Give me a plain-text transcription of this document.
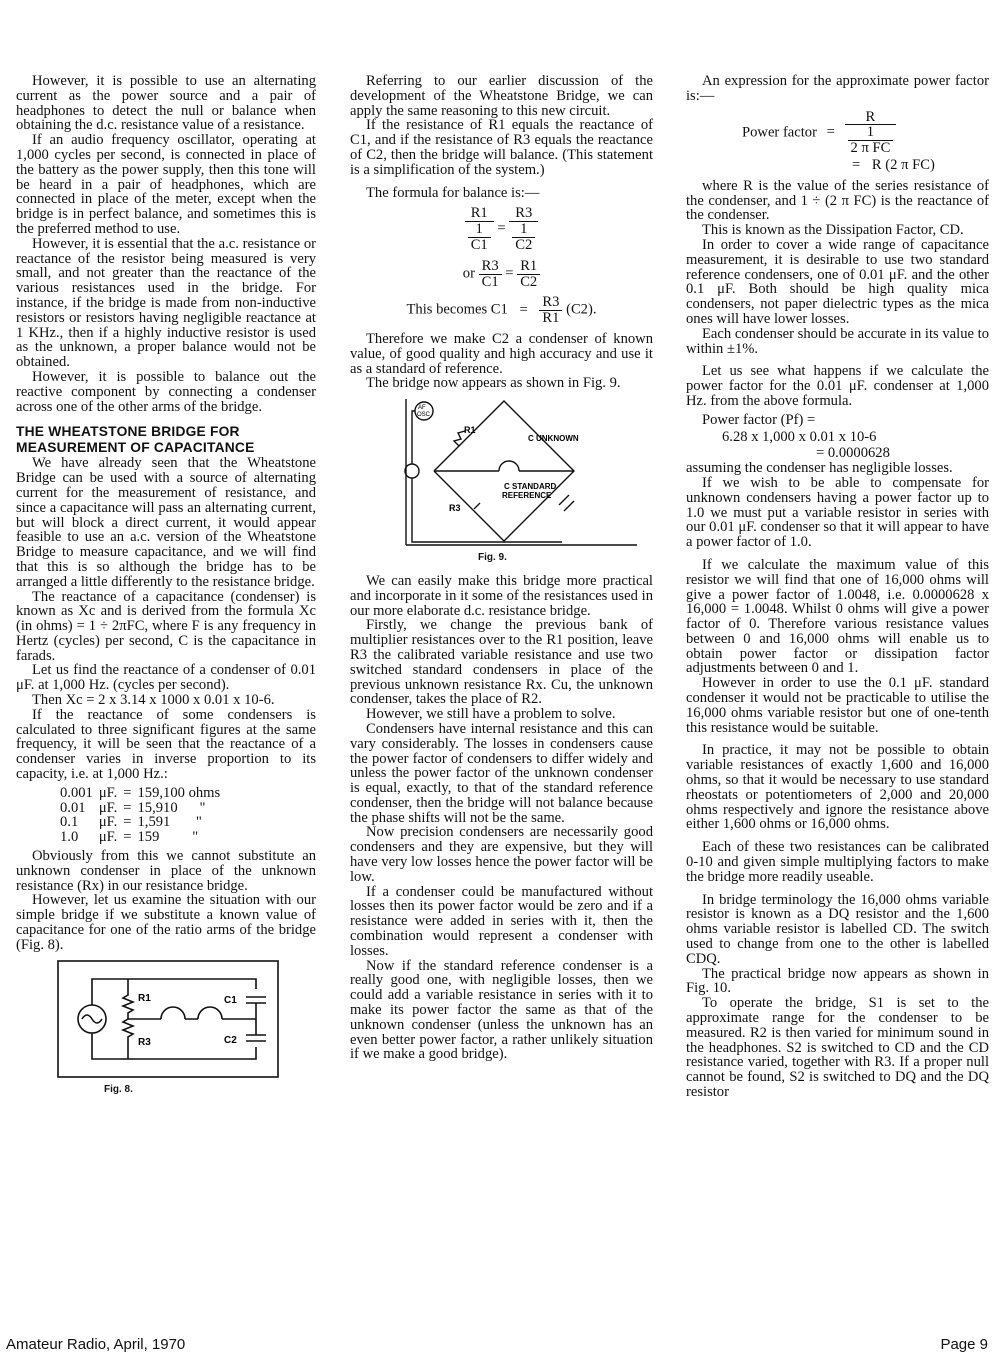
However, it is possible to use an alternating current as the power source and a pair of headphones to detect the null or balance when obtaining the d.c. resistance value of a resistance.

If an audio frequency oscillator, operating at 1,000 cycles per second, is connected in place of the battery as the power supply, then this tone will be heard in a pair of headphones, which are connected in place of the meter, except when the bridge is in perfect balance, and sometimes this is the preferred method to use.

However, it is essential that the a.c. resistance or reactance of the resistor being measured is very small, and not greater than the reactance of the various resistances used in the bridge. For instance, if the bridge is made from non-inductive resistors or resistors having negligible reactance at 1 KHz., then if a highly inductive resistor is used as the unknown, a proper balance would not be obtained.

However, it is possible to balance out the reactive component by connecting a condenser across one of the other arms of the bridge.

THE WHEATSTONE BRIDGE FOR
MEASUREMENT OF CAPACITANCE

We have already seen that the Wheatstone Bridge can be used with a source of alternating current for the measurement of resistance, and since a capacitance will pass an alternating current, but will block a direct current, it would appear feasible to use an a.c. version of the Wheatstone Bridge to measure capacitance, and we will find that this is so although the bridge has to be arranged a little differently to the resistance bridge.

The reactance of a capacitance (condenser) is known as Xc and is derived from the formula Xc (in ohms) = 1 ÷ 2πFC, where F is any frequency in Hertz (cycles) per second, C is the capacitance in farads.

Let us find the reactance of a condenser of 0.01 μF. at 1,000 Hz. (cycles per second).

Then Xc = 2 x 3.14 x 1000 x 0.01 x 10-6.

If the reactance of some condensers is calculated to three significant figures at the same frequency, it will be seen that the reactance of a condenser varies in inverse proportion to its capacity, i.e. at 1,000 Hz.:

0.001	μF.	=	159,100 ohms
0.01	μF.	=	15,910      "
0.1	μF.	=	1,591       "
1.0	μF.	=	159         "

Obviously from this we cannot substitute an unknown condenser in place of the unknown resistance (Rx) in our resistance bridge.

However, let us examine the situation with our simple bridge if we substitute a known value of capacitance for one of the ratio arms of the bridge (Fig. 8).

R1
R3
C1
C2
Fig. 8.

Referring to our earlier discussion of the development of the Wheatstone Bridge, we can apply the same reasoning to this new circuit.

If the resistance of R1 equals the reactance of C1, and if the resistance of R3 equals the reactance of C2, then the bridge will balance. (This statement is a simplification of the system.)

The formula for balance is:—

$\frac{R1}{\frac{1}{C1}} = \frac{R3}{\frac{1}{C2}}$
or $\frac{R3}{C1} = \frac{R1}{C2}$
This becomes $C1 = \frac{R3}{R1} (C2)$.

Therefore we make C2 a condenser of known value, of good quality and high accuracy and use it as a standard of reference.

The bridge now appears as shown in Fig. 9.

AF
OSC
R1
R3
C UNKNOWN
C STANDARD
REFERENCE
Fig. 9.

We can easily make this bridge more practical and incorporate in it some of the resistances used in our more elaborate d.c. resistance bridge.

Firstly, we change the previous bank of multiplier resistances over to the R1 position, leave R3 the calibrated variable resistance and use two switched standard condensers in place of the previous unknown resistance Rx. Cu, the unknown condenser, takes the place of R2.

However, we still have a problem to solve.

Condensers have internal resistance and this can vary considerably. The losses in condensers cause the power factor of condensers to differ widely and unless the power factor of the unknown condenser is equal, exactly, to that of the standard reference condenser, then the bridge will not balance because the phase shifts will not be the same.

Now precision condensers are necessarily good condensers and they are expensive, but they will have very low losses hence the power factor will be low.

If a condenser could be manufactured without losses then its power factor would be zero and if a resistance were added in series with it, then the combination would represent a condenser with losses.

Now if the standard reference condenser is a really good one, with negligible losses, then we could add a variable resistance in series with it to make its power factor the same as that of the unknown condenser (unless the unknown has an even better power factor, a rather unlikely situation if we make a good bridge).

An expression for the approximate power factor is:—

Power factor = $\frac{R}{\frac{1}{\text{2 π FC}}}$
= R (2 π FC)

where R is the value of the series resistance of the condenser, and 1 ÷ (2 π FC) is the reactance of the condenser.

This is known as the Dissipation Factor, CD.

In order to cover a wide range of capacitance measurement, it is desirable to use two standard reference condensers, one of 0.01 μF. and the other 0.1 μF. Both should be high quality mica condensers, not paper dielectric types as the mica ones will have lower losses.

Each condenser should be accurate in its value to within ±1%.

Let us see what happens if we calculate the power factor for the 0.01 μF. condenser at 1,000 Hz. from the above formula.

Power factor (Pf) =
6.28 x 1,000 x 0.01 x 10-6
= 0.0000628

assuming the condenser has negligible losses.

If we wish to be able to compensate for unknown condensers having a power factor up to 1.0 we must put a variable resistor in series with our 0.01 μF. condenser so that it will appear to have a power factor of 1.0.

If we calculate the maximum value of this resistor we will find that one of 16,000 ohms will give a power factor of 1.0048, i.e. 0.0000628 x 16,000 = 1.0048. Whilst 0 ohms will give a power factor of 0. Therefore various resistance values between 0 and 16,000 ohms will enable us to obtain power factor or dissipation factor adjustments between 0 and 1.

However in order to use the 0.1 μF. standard condenser it would not be practicable to utilise the 16,000 ohms variable resistor but one of one-tenth this resistance would be suitable.

In practice, it may not be possible to obtain variable resistances of exactly 1,600 and 16,000 ohms, so that it would be necessary to use standard rheostats or potentiometers of 2,000 and 20,000 ohms respectively and ignore the resistance above either 1,600 ohms or 16,000 ohms.

Each of these two resistances can be calibrated 0-10 and given simple multiplying factors to make the bridge more readily useable.

In bridge terminology the 16,000 ohms variable resistor is known as a DQ resistor and the 1,600 ohms variable resistor is labelled CD. The switch used to change from one to the other is labelled CDQ.

The practical bridge now appears as shown in Fig. 10.

To operate the bridge, S1 is set to the approximate range for the condenser to be measured. R2 is then varied for minimum sound in the headphones. S2 is switched to CD and the CD resistance varied, together with R3. If a proper null cannot be found, S2 is switched to DQ and the DQ resistor

Amateur Radio, April, 1970	Page 9
